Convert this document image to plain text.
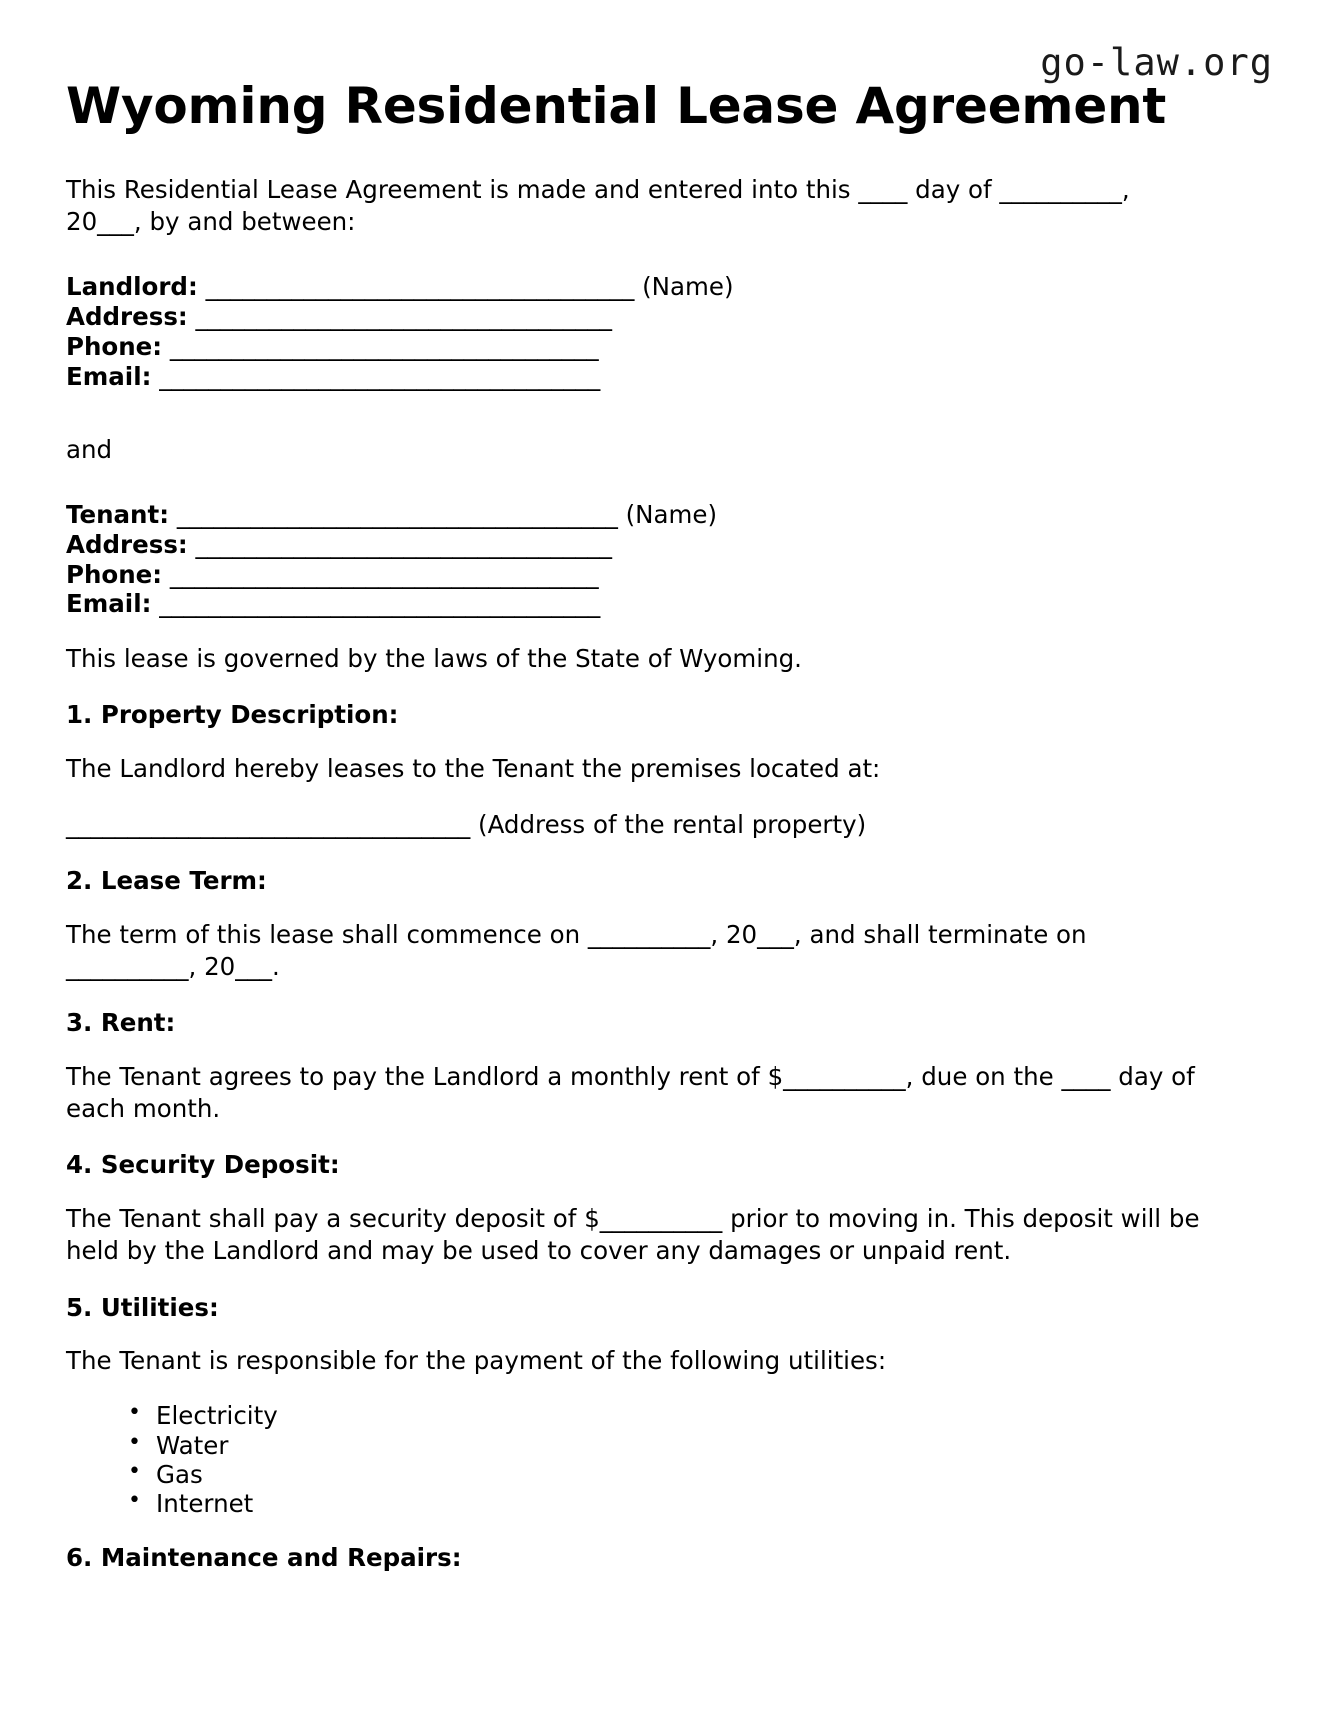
go-law.org
Wyoming Residential Lease Agreement

This Residential Lease Agreement is made and entered into this ____ day of __________, 20___, by and between:

Landlord: ___________________________________ (Name)
Address: __________________________________
Phone: ___________________________________
Email: ____________________________________

and

Tenant: ____________________________________ (Name)
Address: __________________________________
Phone: ___________________________________
Email: ____________________________________

This lease is governed by the laws of the State of Wyoming.

1. Property Description:

The Landlord hereby leases to the Tenant the premises located at:

_________________________________ (Address of the rental property)

2. Lease Term:

The term of this lease shall commence on __________, 20___, and shall terminate on __________, 20___.

3. Rent:

The Tenant agrees to pay the Landlord a monthly rent of $__________, due on the ____ day of each month.

4. Security Deposit:

The Tenant shall pay a security deposit of $__________ prior to moving in. This deposit will be held by the Landlord and may be used to cover any damages or unpaid rent.

5. Utilities:

The Tenant is responsible for the payment of the following utilities:

• Electricity
• Water
• Gas
• Internet
6. Maintenance and Repairs:
